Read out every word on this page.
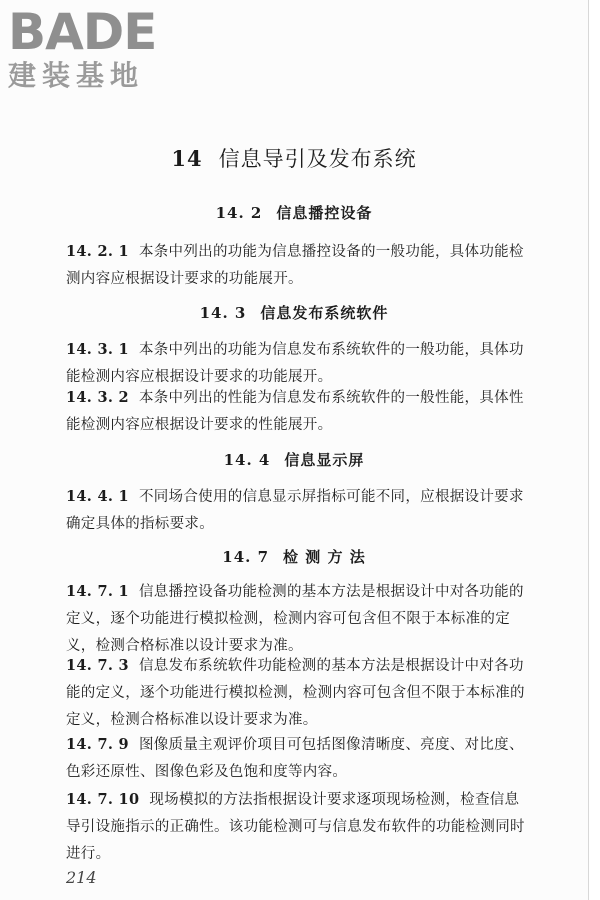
BADE
建装基地
14 信息导引及发布系统
14. 2 信息播控设备

14. 2. 1 本条中列出的功能为信息播控设备的一般功能，具体功能检测内容应根据设计要求的功能展开。

14. 3 信息发布系统软件

14. 3. 1 本条中列出的功能为信息发布系统软件的一般功能，具体功能检测内容应根据设计要求的功能展开。

14. 3. 2 本条中列出的性能为信息发布系统软件的一般性能，具体性能检测内容应根据设计要求的性能展开。

14. 4 信息显示屏

14. 4. 1 不同场合使用的信息显示屏指标可能不同，应根据设计要求确定具体的指标要求。

14. 7 检 测 方 法

14. 7. 1 信息播控设备功能检测的基本方法是根据设计中对各功能的定义，逐个功能进行模拟检测，检测内容可包含但不限于本标准的定义，检测合格标准以设计要求为准。

14. 7. 3 信息发布系统软件功能检测的基本方法是根据设计中对各功能的定义，逐个功能进行模拟检测，检测内容可包含但不限于本标准的定义，检测合格标准以设计要求为准。

14. 7. 9 图像质量主观评价项目可包括图像清晰度、亮度、对比度、色彩还原性、图像色彩及色饱和度等内容。

14. 7. 10 现场模拟的方法指根据设计要求逐项现场检测，检查信息导引设施指示的正确性。该功能检测可与信息发布软件的功能检测同时进行。

214
